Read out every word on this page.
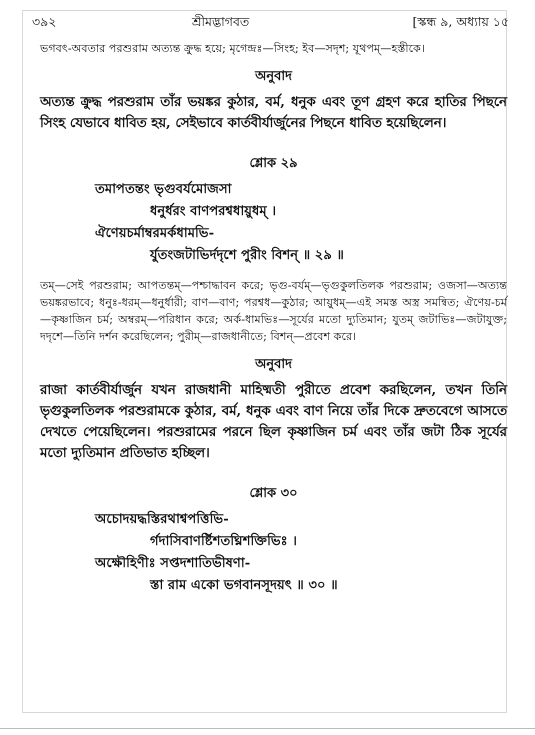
৩৯২	শ্রীমদ্ভাগবত	[স্কন্ধ ৯, অধ্যায় ১৫

ভগবৎ-অবতার পরশুরাম অত্যন্ত ক্রুদ্ধ হয়ে; মৃগেন্দ্রঃ—সিংহ; ইব—সদৃশ; যূথপম্—হস্তীকে।

অনুবাদ

অত্যন্ত ক্রুদ্ধ পরশুরাম তাঁর ভয়ঙ্কর কুঠার, বর্ম, ধনুক এবং তূণ গ্রহণ করে হাতির পিছনে সিংহ যেভাবে ধাবিত হয়, সেইভাবে কার্তবীর্যার্জুনের পিছনে ধাবিত হয়েছিলেন।

শ্লোক ২৯
তমাপতন্তং ভৃগুবর্যমোজসা
ধনুর্ধরং বাণপরশ্বধায়ুধম্ ।
ঐণেয়চর্মাম্বরমর্কধামভি-
র্যুতংজটাভির্দদৃশে পুরীং বিশন্ ॥ ২৯ ॥

তম্—সেই পরশুরাম; আপতন্তম্—পশ্চাদ্ধাবন করে; ভৃগু-বর্যম্—ভৃগুকুলতিলক পরশুরাম; ওজসা—অত্যন্ত ভয়ঙ্করভাবে; ধনুঃ-ধরম্—ধনুর্ধারী; বাণ—বাণ; পরশ্বধ—কুঠার; আয়ুধম্—এই সমস্ত অস্ত্র সমন্বিত; ঐণেয়-চর্ম—কৃষ্ণাজিন চর্ম; অম্বরম্—পরিধান করে; অর্ক-ধামভিঃ—সূর্যের মতো দ্যুতিমান; যুতম্ জটাভিঃ—জটাযুক্ত; দদৃশে—তিনি দর্শন করেছিলেন; পুরীম্—রাজধানীতে; বিশন্—প্রবেশ করে।

অনুবাদ

রাজা কার্তবীর্যার্জুন যখন রাজধানী মাহিষ্মতী পুরীতে প্রবেশ করছিলেন, তখন তিনি ভৃগুকুলতিলক পরশুরামকে কুঠার, বর্ম, ধনুক এবং বাণ নিয়ে তাঁর দিকে দ্রুতবেগে আসতে দেখতে পেয়েছিলেন। পরশুরামের পরনে ছিল কৃষ্ণাজিন চর্ম এবং তাঁর জটা ঠিক সূর্যের মতো দ্যুতিমান প্রতিভাত হচ্ছিল।

শ্লোক ৩০
অচোদয়দ্ধস্তিরথাশ্বপত্তিভি-
র্গদাসিবাণর্ষ্টিশতঘ্নিশক্তিভিঃ ।
অক্ষৌহিণীঃ সপ্তদশাতিভীষণা-
স্তা রাম একো ভগবানসূদয়ৎ ॥ ৩০ ॥
